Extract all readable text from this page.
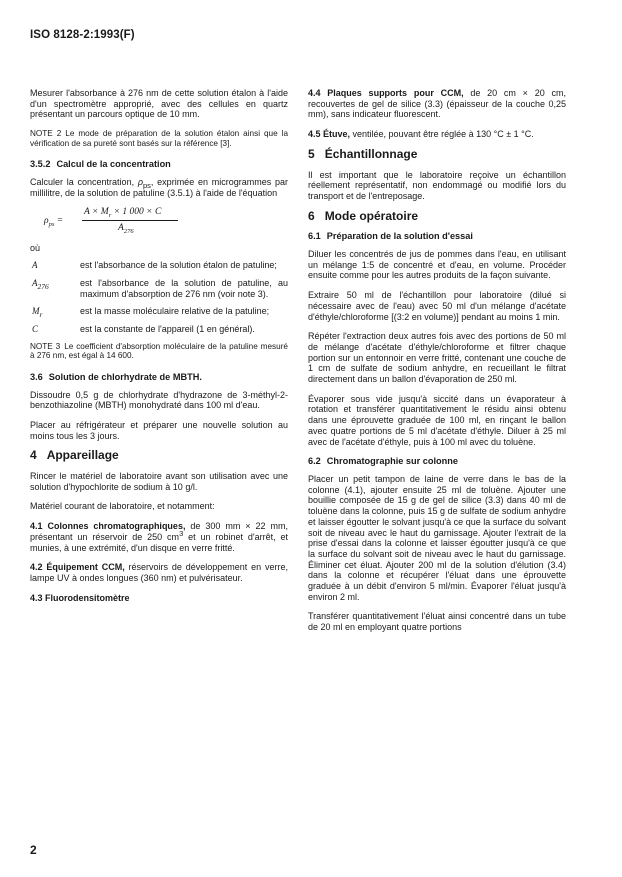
ISO 8128-2:1993(F)

Mesurer l'absorbance à 276 nm de cette solution étalon à l'aide d'un spectromètre approprié, avec des cellules en quartz présentant un parcours optique de 10 mm.

NOTE 2 Le mode de préparation de la solution étalon ainsi que la vérification de sa pureté sont basés sur la référence [3].

3.5.2 Calcul de la concentration

Calculer la concentration, $\rho_{ps}$, exprimée en microgrammes par millilitre, de la solution de patuline (3.5.1) à l'aide de l'équation

$\rho_{ps}$ =
$A \times M_r \times 1$ 000 × C
$A_{276}$
où
A	est l'absorbance de la solution étalon de patuline;
$A_{276}$	est l'absorbance de la solution de patuline, au maximum d'absorption de 276 nm (voir note 3).
$M_r$	est la masse moléculaire relative de la patuline;
C	est la constante de l'appareil (1 en général).

NOTE 3 Le coefficient d'absorption moléculaire de la patuline mesuré à 276 nm, est égal à 14 600.

3.6 Solution de chlorhydrate de MBTH.

Dissoudre 0,5 g de chlorhydrate d'hydrazone de 3-méthyl-2-benzothiazoline (MBTH) monohydraté dans 100 ml d'eau.

Placer au réfrigérateur et préparer une nouvelle solution au moins tous les 3 jours.

4 Appareillage

Rincer le matériel de laboratoire avant son utilisation avec une solution d'hypochlorite de sodium à 10 g/l.

Matériel courant de laboratoire, et notamment:

4.1 Colonnes chromatographiques, de 300 mm × 22 mm, présentant un réservoir de 250 $cm^3$ et un robinet d'arrêt, et munies, à une extrémité, d'un disque en verre fritté.

4.2 Équipement CCM, réservoirs de développement en verre, lampe UV à ondes longues (360 nm) et pulvérisateur.

4.3 Fluorodensitomètre

4.4 Plaques supports pour CCM, de 20 cm × 20 cm, recouvertes de gel de silice (3.3) (épaisseur de la couche 0,25 mm), sans indicateur fluorescent.

4.5 Étuve, ventilée, pouvant être réglée à 130 °C ± 1 °C.

5 Échantillonnage

Il est important que le laboratoire reçoive un échantillon réellement représentatif, non endommagé ou modifié lors du transport et de l'entreposage.

6 Mode opératoire
6.1 Préparation de la solution d'essai

Diluer les concentrés de jus de pommes dans l'eau, en utilisant un mélange 1:5 de concentré et d'eau, en volume. Procéder ensuite comme pour les autres produits de la façon suivante.

Extraire 50 ml de l'échantillon pour laboratoire (dilué si nécessaire avec de l'eau) avec 50 ml d'un mélange d'acétate d'éthyle/chloroforme [(3:2 en volume)] pendant au moins 1 min.

Répéter l'extraction deux autres fois avec des portions de 50 ml de mélange d'acétate d'éthyle/chloroforme et filtrer chaque portion sur un entonnoir en verre fritté, contenant une couche de 1 cm de sulfate de sodium anhydre, en recueillant le filtrat directement dans un ballon d'évaporation de 250 ml.

Évaporer sous vide jusqu'à siccité dans un évaporateur à rotation et transférer quantitativement le résidu ainsi obtenu dans une éprouvette graduée de 100 ml, en rinçant le ballon avec quatre portions de 5 ml d'acétate d'éthyle. Diluer à 25 ml avec de l'acétate d'éthyle, puis à 100 ml avec du toluène.

6.2 Chromatographie sur colonne

Placer un petit tampon de laine de verre dans le bas de la colonne (4.1), ajouter ensuite 25 ml de toluène. Ajouter une bouillie composée de 15 g de gel de silice (3.3) dans 40 ml de toluène dans la colonne, puis 15 g de sulfate de sodium anhydre et laisser égoutter le solvant jusqu'à ce que la surface du solvant soit de niveau avec le haut du garnissage. Ajouter l'extrait de la prise d'essai dans la colonne et laisser égoutter jusqu'à ce que la surface du solvant soit de niveau avec le haut du garnissage. Éliminer cet éluat. Ajouter 200 ml de la solution d'élution (3.4) dans la colonne et récupérer l'éluat dans une éprouvette graduée à un débit d'environ 5 ml/min. Évaporer l'éluat jusqu'à environ 2 ml.

Transférer quantitativement l'éluat ainsi concentré dans un tube de 20 ml en employant quatre portions

2
